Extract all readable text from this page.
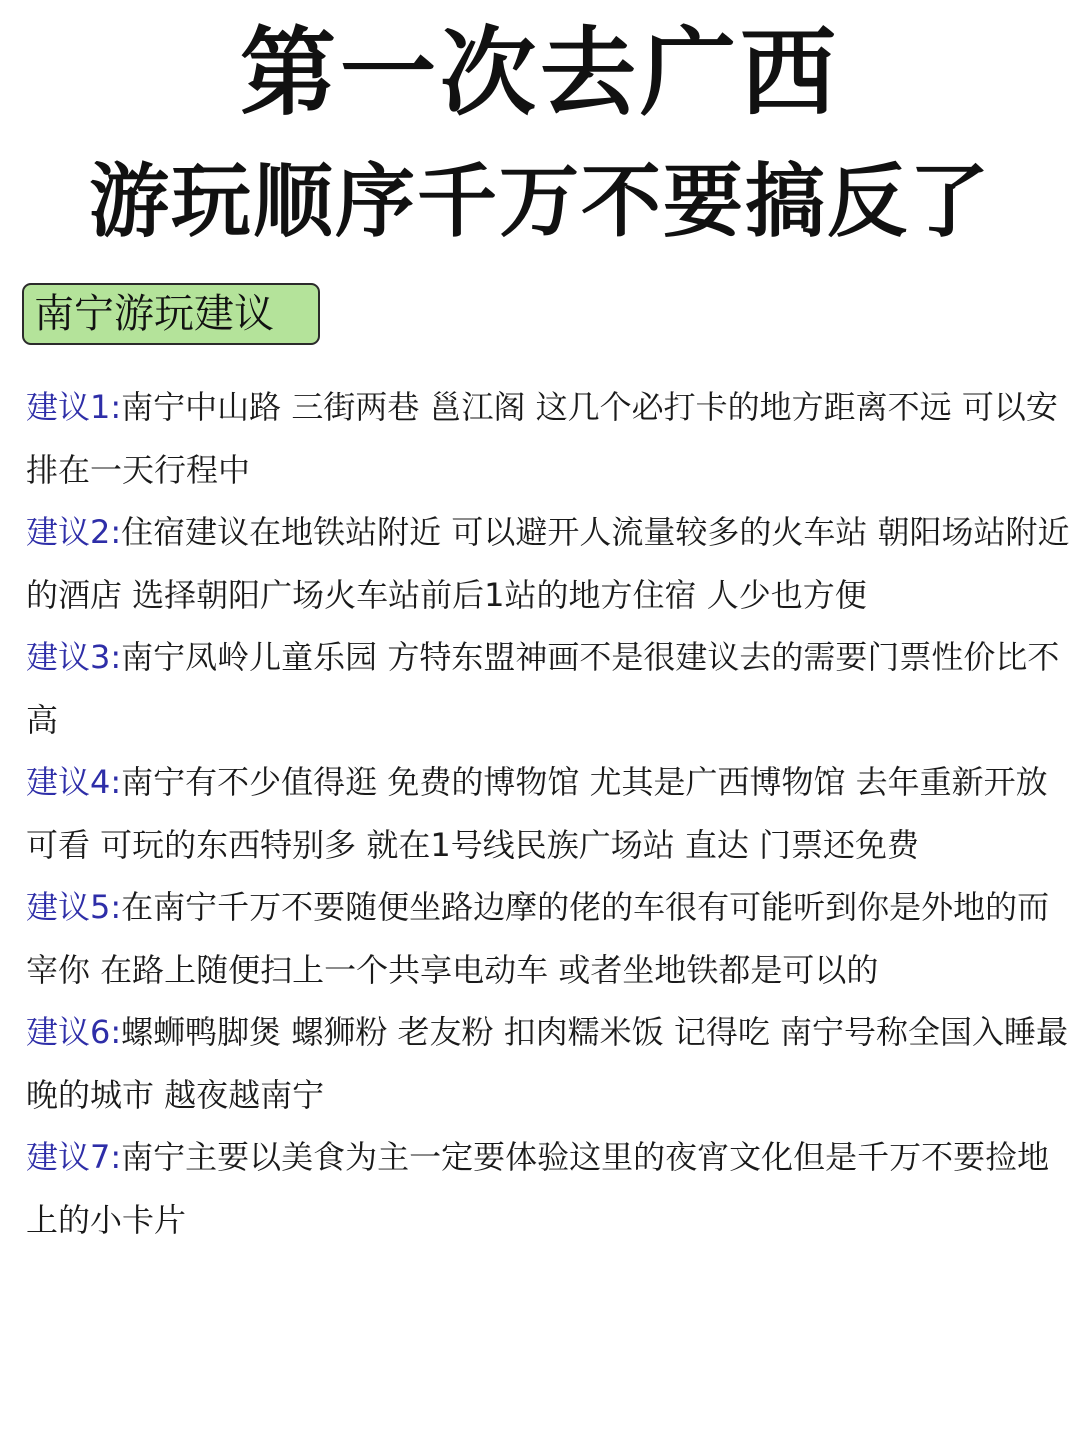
第一次去广西
游玩顺序千万不要搞反了
南宁游玩建议
建议1:南宁中山路 三街两巷 邕江阁 这几个必打卡的地方距离不远 可以安排在一天行程中
建议2:住宿建议在地铁站附近 可以避开人流量较多的火车站 朝阳场站附近的酒店 选择朝阳广场火车站前后1站的地方住宿 人少也方便
建议3:南宁凤岭儿童乐园 方特东盟神画不是很建议去的需要门票性价比不高
建议4:南宁有不少值得逛 免费的博物馆 尤其是广西博物馆 去年重新开放 可看 可玩的东西特别多 就在1号线民族广场站 直达 门票还免费
建议5:在南宁千万不要随便坐路边摩的佬的车很有可能听到你是外地的而宰你 在路上随便扫上一个共享电动车 或者坐地铁都是可以的
建议6:螺蛳鸭脚煲 螺狮粉 老友粉 扣肉糯米饭 记得吃 南宁号称全国入睡最晚的城市 越夜越南宁
建议7:南宁主要以美食为主一定要体验这里的夜宵文化但是千万不要捡地上的小卡片
